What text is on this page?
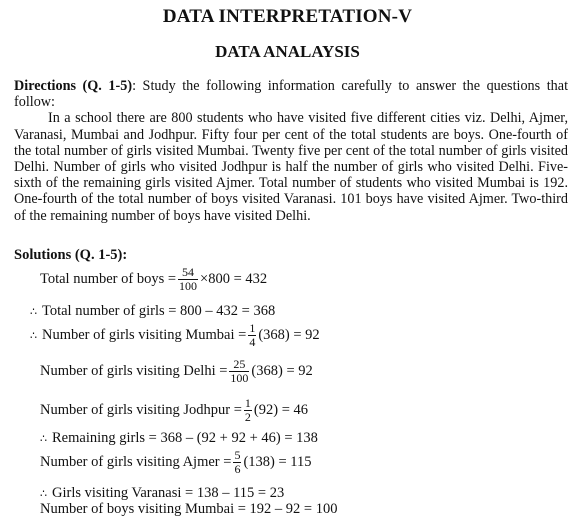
DATA INTERPRETATION-V
DATA ANALAYSIS
Directions (Q. 1-5): Study the following information carefully to answer the questions that follow:
In a school there are 800 students who have visited five different cities viz. Delhi, Ajmer, Varanasi, Mumbai and Jodhpur. Fifty four per cent of the total students are boys. One-fourth of the total number of girls visited Mumbai. Twenty five per cent of the total number of girls visited Delhi. Number of girls who visited Jodhpur is half the number of girls who visited Delhi. Five-sixth of the remaining girls visited Ajmer. Total number of students who visited Mumbai is 192. One-fourth of the total number of boys visited Varanasi. 101 boys have visited Ajmer. Two-third of the remaining number of boys have visited Delhi.
Solutions (Q. 1-5):
Total number of boys = $\frac{54}{100} \times 800 = 432$
∴ Total number of girls = 800 – 432 = 368
∴ Number of girls visiting Mumbai = $\frac{1}{4} (368) = 92$
Number of girls visiting Delhi = $\frac{25}{100} (368) = 92$
Number of girls visiting Jodhpur = $\frac{1}{2} (92) = 46$
∴ Remaining girls = 368 – (92 + 92 + 46) = 138
Number of girls visiting Ajmer = $\frac{5}{6} (138) = 115$
∴ Girls visiting Varanasi = 138 – 115 = 23
Number of boys visiting Mumbai = 192 – 92 = 100
